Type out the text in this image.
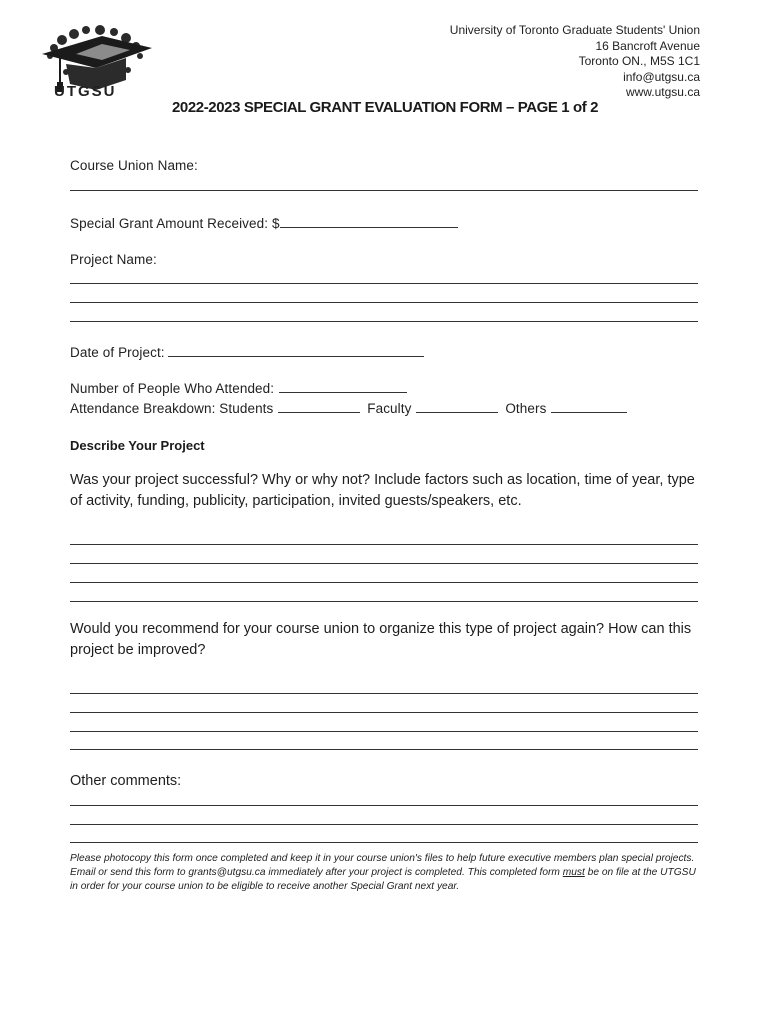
UTGSU
University of Toronto Graduate Students' Union
16 Bancroft Avenue
Toronto ON., M5S 1C1
info@utgsu.ca
www.utgsu.ca
2022-2023 SPECIAL GRANT EVALUATION FORM – PAGE 1 of 2
Course Union Name:
Special Grant Amount Received: $
Project Name:
Date of Project:
Number of People Who Attended:
Attendance Breakdown: Students	Faculty	Others
Describe Your Project
Was your project successful? Why or why not? Include factors such as location, time of year, type of activity, funding, publicity, participation, invited guests/speakers, etc.
Would you recommend for your course union to organize this type of project again? How can this project be improved?
Other comments:
Please photocopy this form once completed and keep it in your course union's files to help future executive members plan special projects. Email or send this form to grants@utgsu.ca immediately after your project is completed. This completed form must be on file at the UTGSU in order for your course union to be eligible to receive another Special Grant next year.
